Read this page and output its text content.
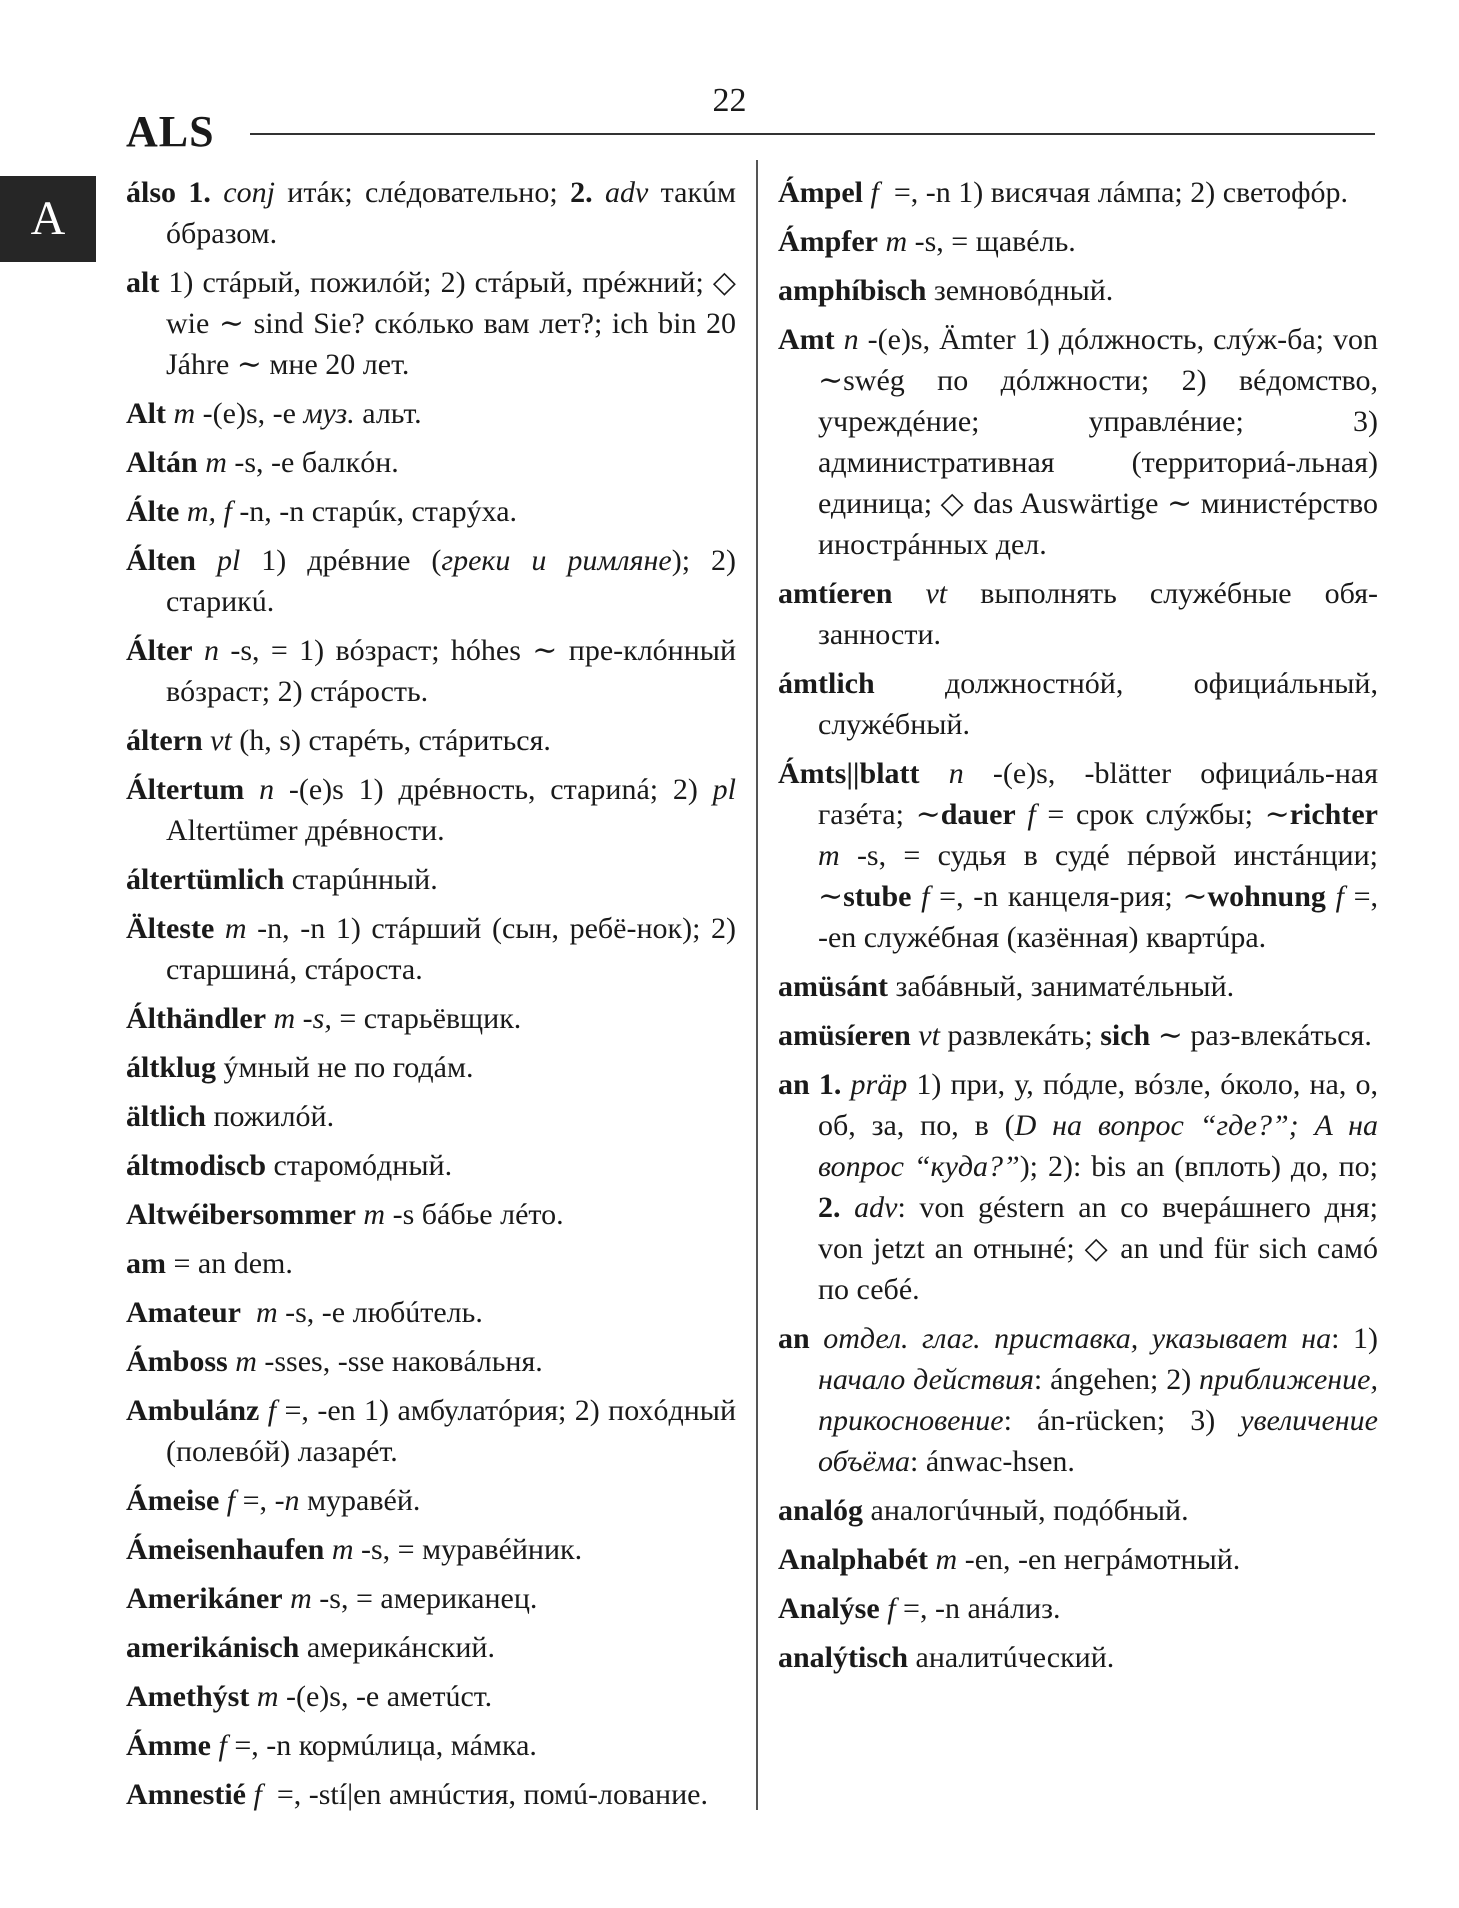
22
ALS
A	álso 1. conj итáк; слéдовательно; 2. adv такúм óбразом.

alt 1) стáрый, пожилóй; 2) стáрый, прéжний; ◇ wie ∼ sind Sie? скóлько вам лет?; ich bin 20 Jáhre ∼ мне 20 лет.

Alt m -(e)s, -e муз. альт.

Altán m -s, -e балкóн.

Álte m, f -n, -n старúк, старýха.

Álten pl 1) дрéвние (греки и римляне); 2) старикú.

Álter n -s, = 1) вóзраст; hóhes ∼ пре-клóнный вóзраст; 2) стáрость.

áltern vt (h, s) старéть, стáриться.

Áltertum n -(e)s 1) дрéвность, стариná; 2) pl Altertümer дрéвности.

áltertümlich старúнный.

Älteste m -n, -n 1) стáрший (сын, ребё-нок); 2) старшинá, стáроста.

Álthändler m -s, = старьёвщик.

áltklug ýмный не по годáм.

ältlich пожилóй.

áltmodiscb старомóдный.

Altwéibersommer m -s бáбье лéто.

am = an dem.

Amateur m -s, -e любúтель.

Ámboss m -sses, -sse наковáльня.

Ambulánz f =, -en 1) амбулатóрия; 2) похóдный (полевóй) лазарéт.

Ámeise f =, -n муравéй.

Ámeisenhaufen m -s, = муравéйник.

Amerikáner m -s, = американец.

amerikánisch америкáнский.

Amethýst m -(e)s, -e аметúст.

Ámme f =, -n кормúлица, мáмка.

Amnestié f  =, -stí|en амнúстия, помú-лование.

Ámpel f  =, -n 1) висячая лáмпа; 2) светофóр.

Ámpfer m -s, = щавéль.

amphíbisch земновóдный.

Amt n -(e)s, Ämter 1) дóлжность, слýж-ба; von ∼swég по дóлжности; 2) вéдомство, учреждéние; управлéние; 3) административная (территориá-льная) единица; ◇ das Auswärtige ∼ министéрство инострáнных дел.

amtíeren vt выполнять служéбные обя-занности.

ámtlich должностнóй, официáльный, служéбный.

Ámts||blatt n -(e)s, -blätter официáль-ная газéта; ∼dauer f = срок слýжбы; ∼richter m -s, = судья в судé пéрвой инстáнции; ∼stube f =, -n канцеля-рия; ∼wohnung f =, -en служéбная (казённая) квартúра.

amüsánt забáвный, заниматéльный.

amüsíeren vt развлекáть; sich ∼ раз-влекáться.

an 1. präp 1) при, у, пóдле, вóзле, óколо, на, о, об, за, по, в (D на вопрос “где?”; A на вопрос “куда?”); 2): bis an (вплоть) до, по; 2. adv: von géstern an со вчерáшнего дня; von jetzt an отнынé; ◇ an und für sich самó по себé.

an отдел. глаг. приставка, указывает на: 1) начало действия: ángehen; 2) приближение, прикосновение: án-rücken; 3) увеличение объёма: ánwac-hsen.

analóg аналогúчный, подóбный.

Analphabét m -en, -en негрáмотный.

Analýse f =, -n анáлиз.

analýtisch аналитúческий.
